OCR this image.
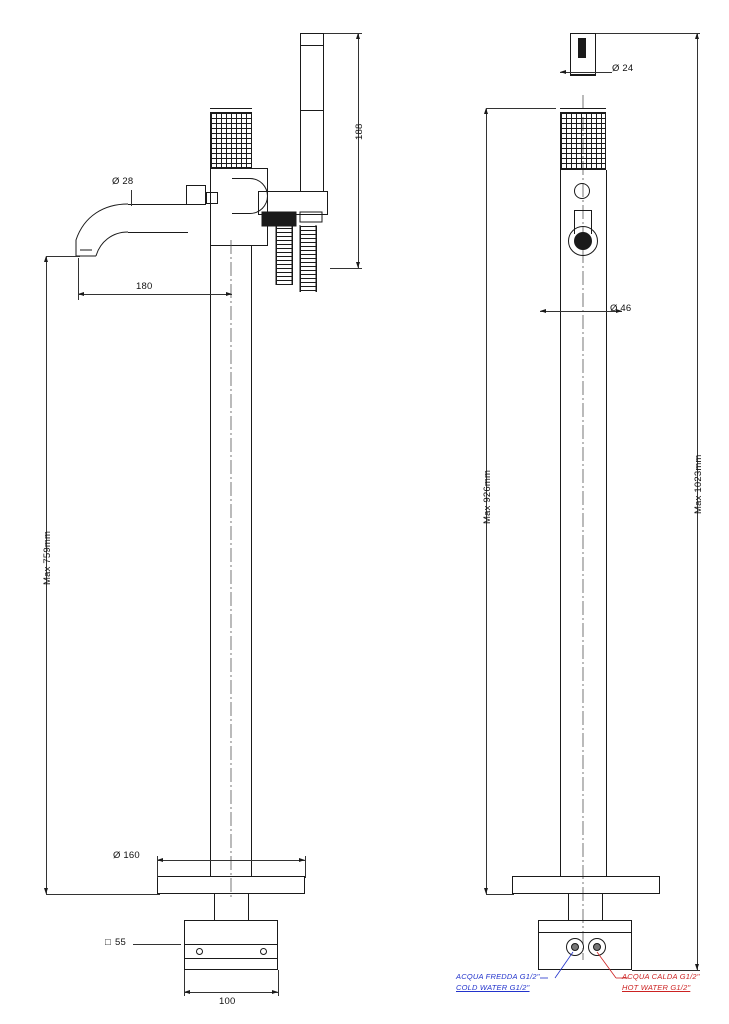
Ø 28
180
188
Max 759mm
Ø 160
□ 55
100
Ø 24
Ø 46
Max 926mm	Max 1023mm
ACQUA FREDDA G1/2"
COLD WATER G1/2"
ACQUA CALDA G1/2"
HOT WATER G1/2"
